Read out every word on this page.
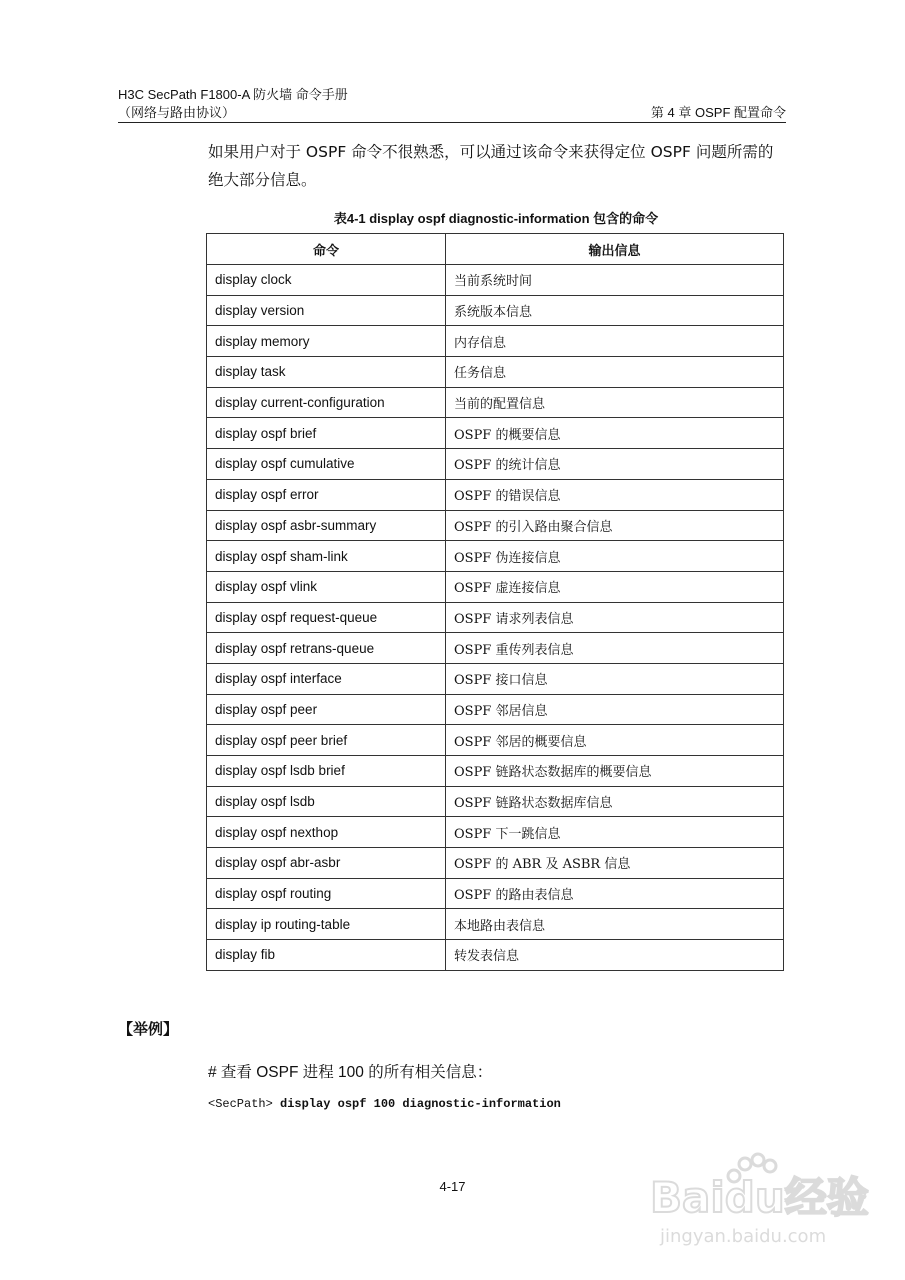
H3C SecPath F1800-A 防火墙 命令手册
（网络与路由协议）	第 4 章 OSPF 配置命令
如果用户对于 OSPF 命令不很熟悉，可以通过该命令来获得定位 OSPF 问题所需的绝大部分信息。
表4-1 display ospf diagnostic-information 包含的命令
命令	输出信息
display clock	当前系统时间
display version	系统版本信息
display memory	内存信息
display task	任务信息
display current-configuration	当前的配置信息
display ospf brief	OSPF 的概要信息
display ospf cumulative	OSPF 的统计信息
display ospf error	OSPF 的错误信息
display ospf asbr-summary	OSPF 的引入路由聚合信息
display ospf sham-link	OSPF 伪连接信息
display ospf vlink	OSPF 虚连接信息
display ospf request-queue	OSPF 请求列表信息
display ospf retrans-queue	OSPF 重传列表信息
display ospf interface	OSPF 接口信息
display ospf peer	OSPF 邻居信息
display ospf peer brief	OSPF 邻居的概要信息
display ospf lsdb brief	OSPF 链路状态数据库的概要信息
display ospf lsdb	OSPF 链路状态数据库信息
display ospf nexthop	OSPF 下一跳信息
display ospf abr-asbr	OSPF 的 ABR 及 ASBR 信息
display ospf routing	OSPF 的路由表信息
display ip routing-table	本地路由表信息
display fib	转发表信息
【举例】
# 查看 OSPF 进程 100 的所有相关信息：
<SecPath> display ospf 100 diagnostic-information
4-17	Baidu经验
jingyan.baidu.com
